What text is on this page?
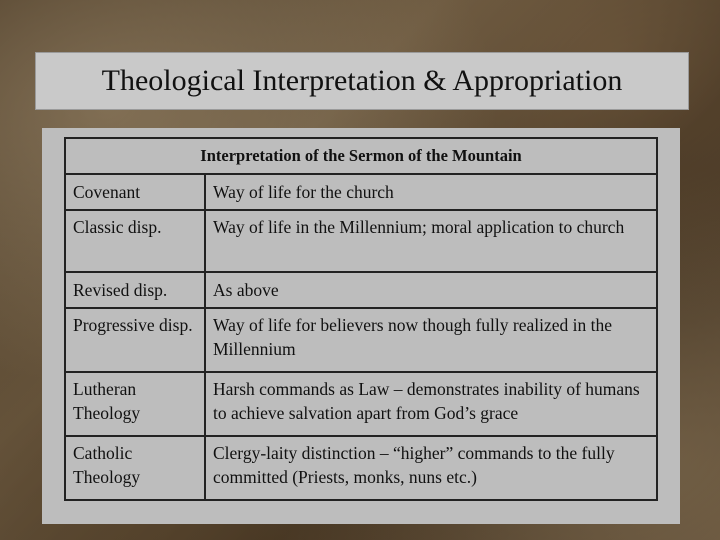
Theological Interpretation & Appropriation
Interpretation of the Sermon of the Mountain	
Covenant	Way of life for the church
Classic disp.	Way of life in the Millennium; moral application to church
Revised disp.	As above
Progressive disp.	Way of life for believers now though fully realized in the Millennium
Lutheran Theology	Harsh commands as Law – demonstrates inability of humans to achieve salvation apart from God’s grace
Catholic Theology	Clergy-laity distinction – “higher” commands to the fully committed (Priests, monks, nuns etc.)
